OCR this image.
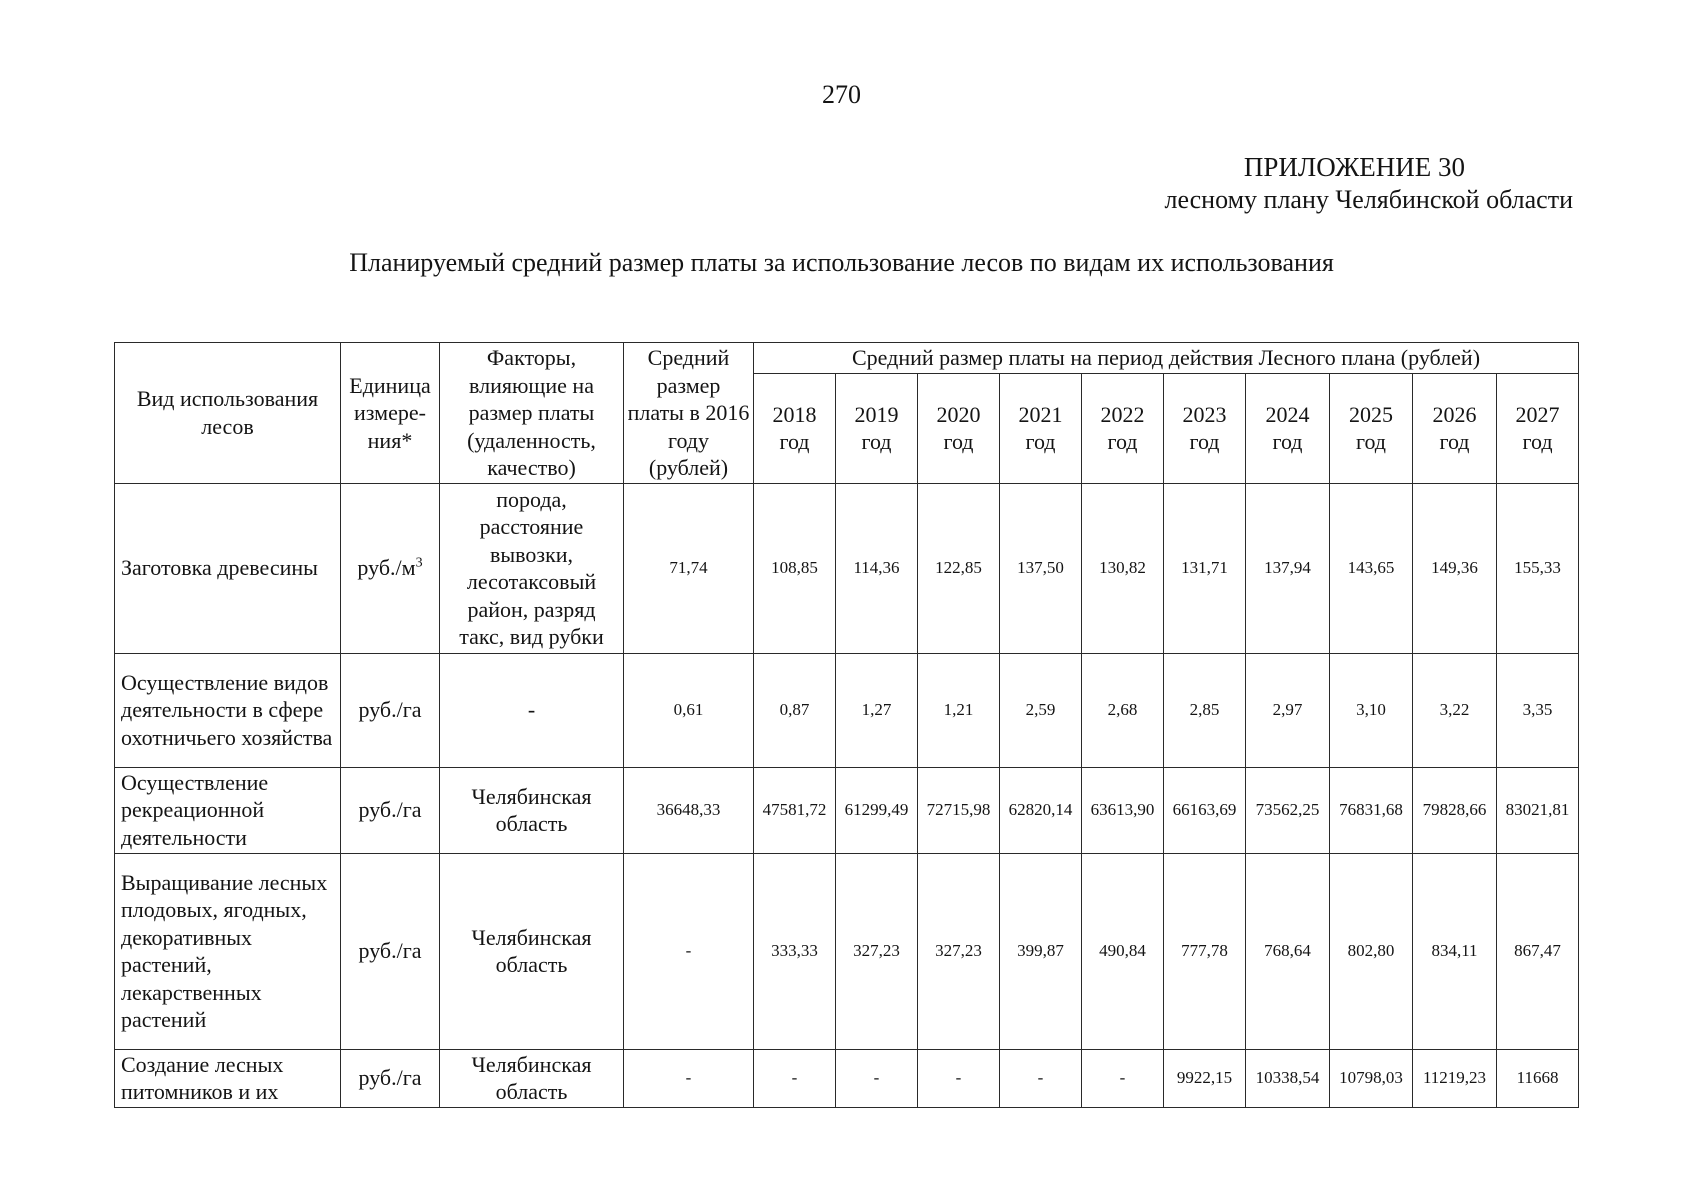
270
ПРИЛОЖЕНИЕ 30
лесному плану Челябинской области
Планируемый средний размер платы за использование лесов по видам их использования
Вид использования лесов	Единица измере-ния*	Факторы, влияющие на размер платы (удаленность, качество)	Средний размер платы в 2016 году (рублей)	Средний размер платы на период действия Лесного плана (рублей)									
				2018 год	2019 год	2020 год	2021 год	2022 год	2023 год	2024 год	2025 год	2026 год	2027 год
Заготовка древесины	$руб./м^3$	порода, расстояние вывозки, лесотаксовый район, разряд такс, вид рубки	71,74	108,85	114,36	122,85	137,50	130,82	131,71	137,94	143,65	149,36	155,33
Осуществление видов деятельности в сфере охотничьего хозяйства	руб./га	-	0,61	0,87	1,27	1,21	2,59	2,68	2,85	2,97	3,10	3,22	3,35
Осуществление рекреационной деятельности	руб./га	Челябинская область	36648,33	47581,72	61299,49	72715,98	62820,14	63613,90	66163,69	73562,25	76831,68	79828,66	83021,81
Выращивание лесных плодовых, ягодных, декоративных растений, лекарственных растений	руб./га	Челябинская область	-	333,33	327,23	327,23	399,87	490,84	777,78	768,64	802,80	834,11	867,47
Создание лесных питомников и их	руб./га	Челябинская область	-	-	-	-	-	-	9922,15	10338,54	10798,03	11219,23	11668
